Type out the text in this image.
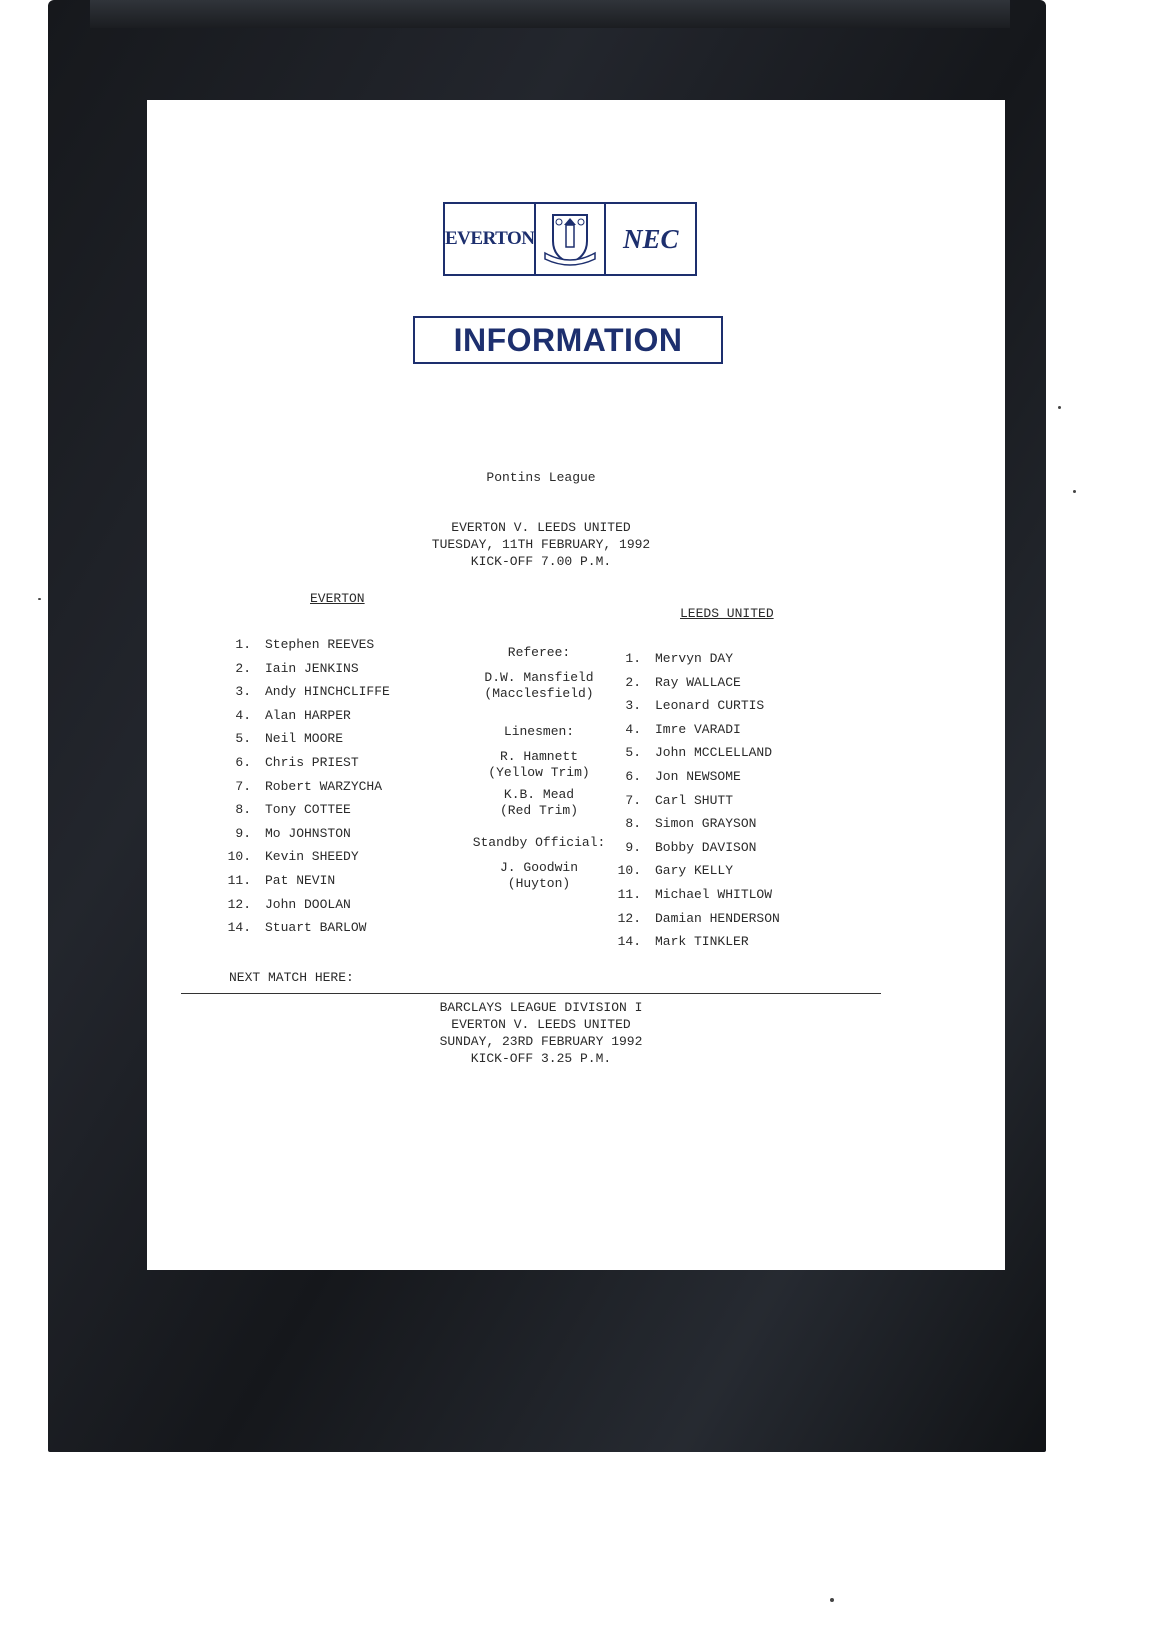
EVERTON	NEC
INFORMATION
Pontins League
EVERTON V. LEEDS UNITED
TUESDAY, 11TH FEBRUARY, 1992
KICK-OFF 7.00 P.M.
EVERTON
LEEDS UNITED
1. Stephen REEVES
2. Iain JENKINS
3. Andy HINCHCLIFFE
4. Alan HARPER
5. Neil MOORE
6. Chris PRIEST
7. Robert WARZYCHA
8. Tony COTTEE
9. Mo JOHNSTON
10. Kevin SHEEDY
11. Pat NEVIN
12. John DOOLAN
14. Stuart BARLOW
1. Mervyn DAY
2. Ray WALLACE
3. Leonard CURTIS
4. Imre VARADI
5. John MCCLELLAND
6. Jon NEWSOME
7. Carl SHUTT
8. Simon GRAYSON
9. Bobby DAVISON
10. Gary KELLY
11. Michael WHITLOW
12. Damian HENDERSON
14. Mark TINKLER
Referee:
D.W. Mansfield
(Macclesfield)
Linesmen:
R. Hamnett
(Yellow Trim)
K.B. Mead
(Red Trim)
Standby Official:
J. Goodwin
(Huyton)
NEXT MATCH HERE:
BARCLAYS LEAGUE DIVISION I
EVERTON V. LEEDS UNITED
SUNDAY, 23RD FEBRUARY 1992
KICK-OFF 3.25 P.M.
